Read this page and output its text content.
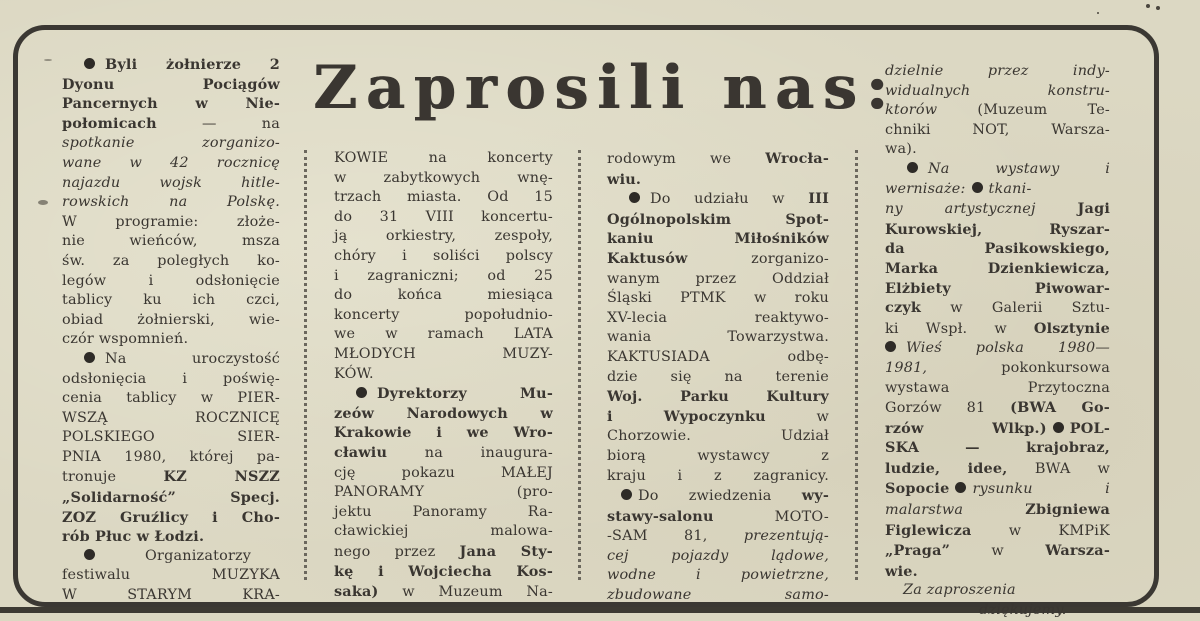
Zaprosili nas:
Byli żołnierze 2
Dyonu	Pociągów
Pancernych w Nie-
połomicach	— na
spotkanie zorganizo-
wane w 42 rocznicę
najazdu wojsk hitle-
rowskich na Polskę.
W programie: złoże-
nie wieńców, msza
św. za poległych ko-
legów i odsłonięcie
tablicy ku ich czci,
obiad żołnierski, wie-
czór wspomnień.
Na uroczystość
odsłonięcia i poświę-
cenia tablicy w PIER-
WSZĄ ROCZNICĘ
POLSKIEGO SIER-
PNIA 1980, której pa-
tronuje	KZ NSZZ
„Solidarność” Specj.
ZOZ Gruźlicy i Cho-
rób Płuc w Łodzi.
Organizatorzy
festiwalu MUZYKA
W STARYM KRA-
KOWIE na koncerty
w zabytkowych wnę-
trzach miasta. Od 15
do 31 VIII koncertu-
ją orkiestry, zespoły,
chóry i soliści polscy
i zagraniczni; od 25
do końca miesiąca
koncerty popołudnio-
we w ramach LATA
MŁODYCH MUZY-
KÓW.
Dyrektorzy Mu-
zeów Narodowych w
Krakowie i we Wro-
cławiu	na inaugura-
cję pokazu MAŁEJ
PANORAMY (pro-
jektu Panoramy Ra-
cławickiej malowa-
nego przez Jana Sty-
kę i Wojciecha Kos-
saka) w Muzeum Na-
rodowym we Wrocła-
wiu.
Do udziału w III
Ogólnopolskim Spot-
kaniu Miłośników
Kaktusów	zorganizo-
wanym przez Oddział
Śląski PTMK w roku
XV-lecia reaktywo-
wania Towarzystwa.
KAKTUSIADA odbę-
dzie się na terenie
Woj. Parku Kultury
i Wypoczynku	w
Chorzowie. Udział
biorą wystawcy z
kraju i z zagranicy.
Do zwiedzenia wy-
stawy-salonu	MOTO-
-SAM 81,	prezentują-
cej pojazdy lądowe,
wodne i powietrzne,
zbudowane samo-
dzielnie przez indy-
widualnych konstru-
ktorów	(Muzeum Te-
chniki NOT, Warsza-
wa).
Na wystawy i
wernisaże: tkani-
ny artystycznej	Jagi
Kurowskiej, Ryszar-
da Pasikowskiego,
Marka Dzienkiewicza,
Elżbiety Piwowar-
czyk w Galerii Sztu-
ki Wspł. w Olsztynie
Wieś polska 1980—
1981,	pokonkursowa
wystawa Przytoczna
Gorzów 81 (BWA Go-
rzów Wlkp.) POL-
SKA	— krajobraz,
ludzie, idee, BWA w
Sopocie rysunku i
malarstwa	Zbigniewa
Figlewicza	w KMPiK
„Praga”	w	Warsza-
wie.
Za zaproszenia
dziękujemy.
